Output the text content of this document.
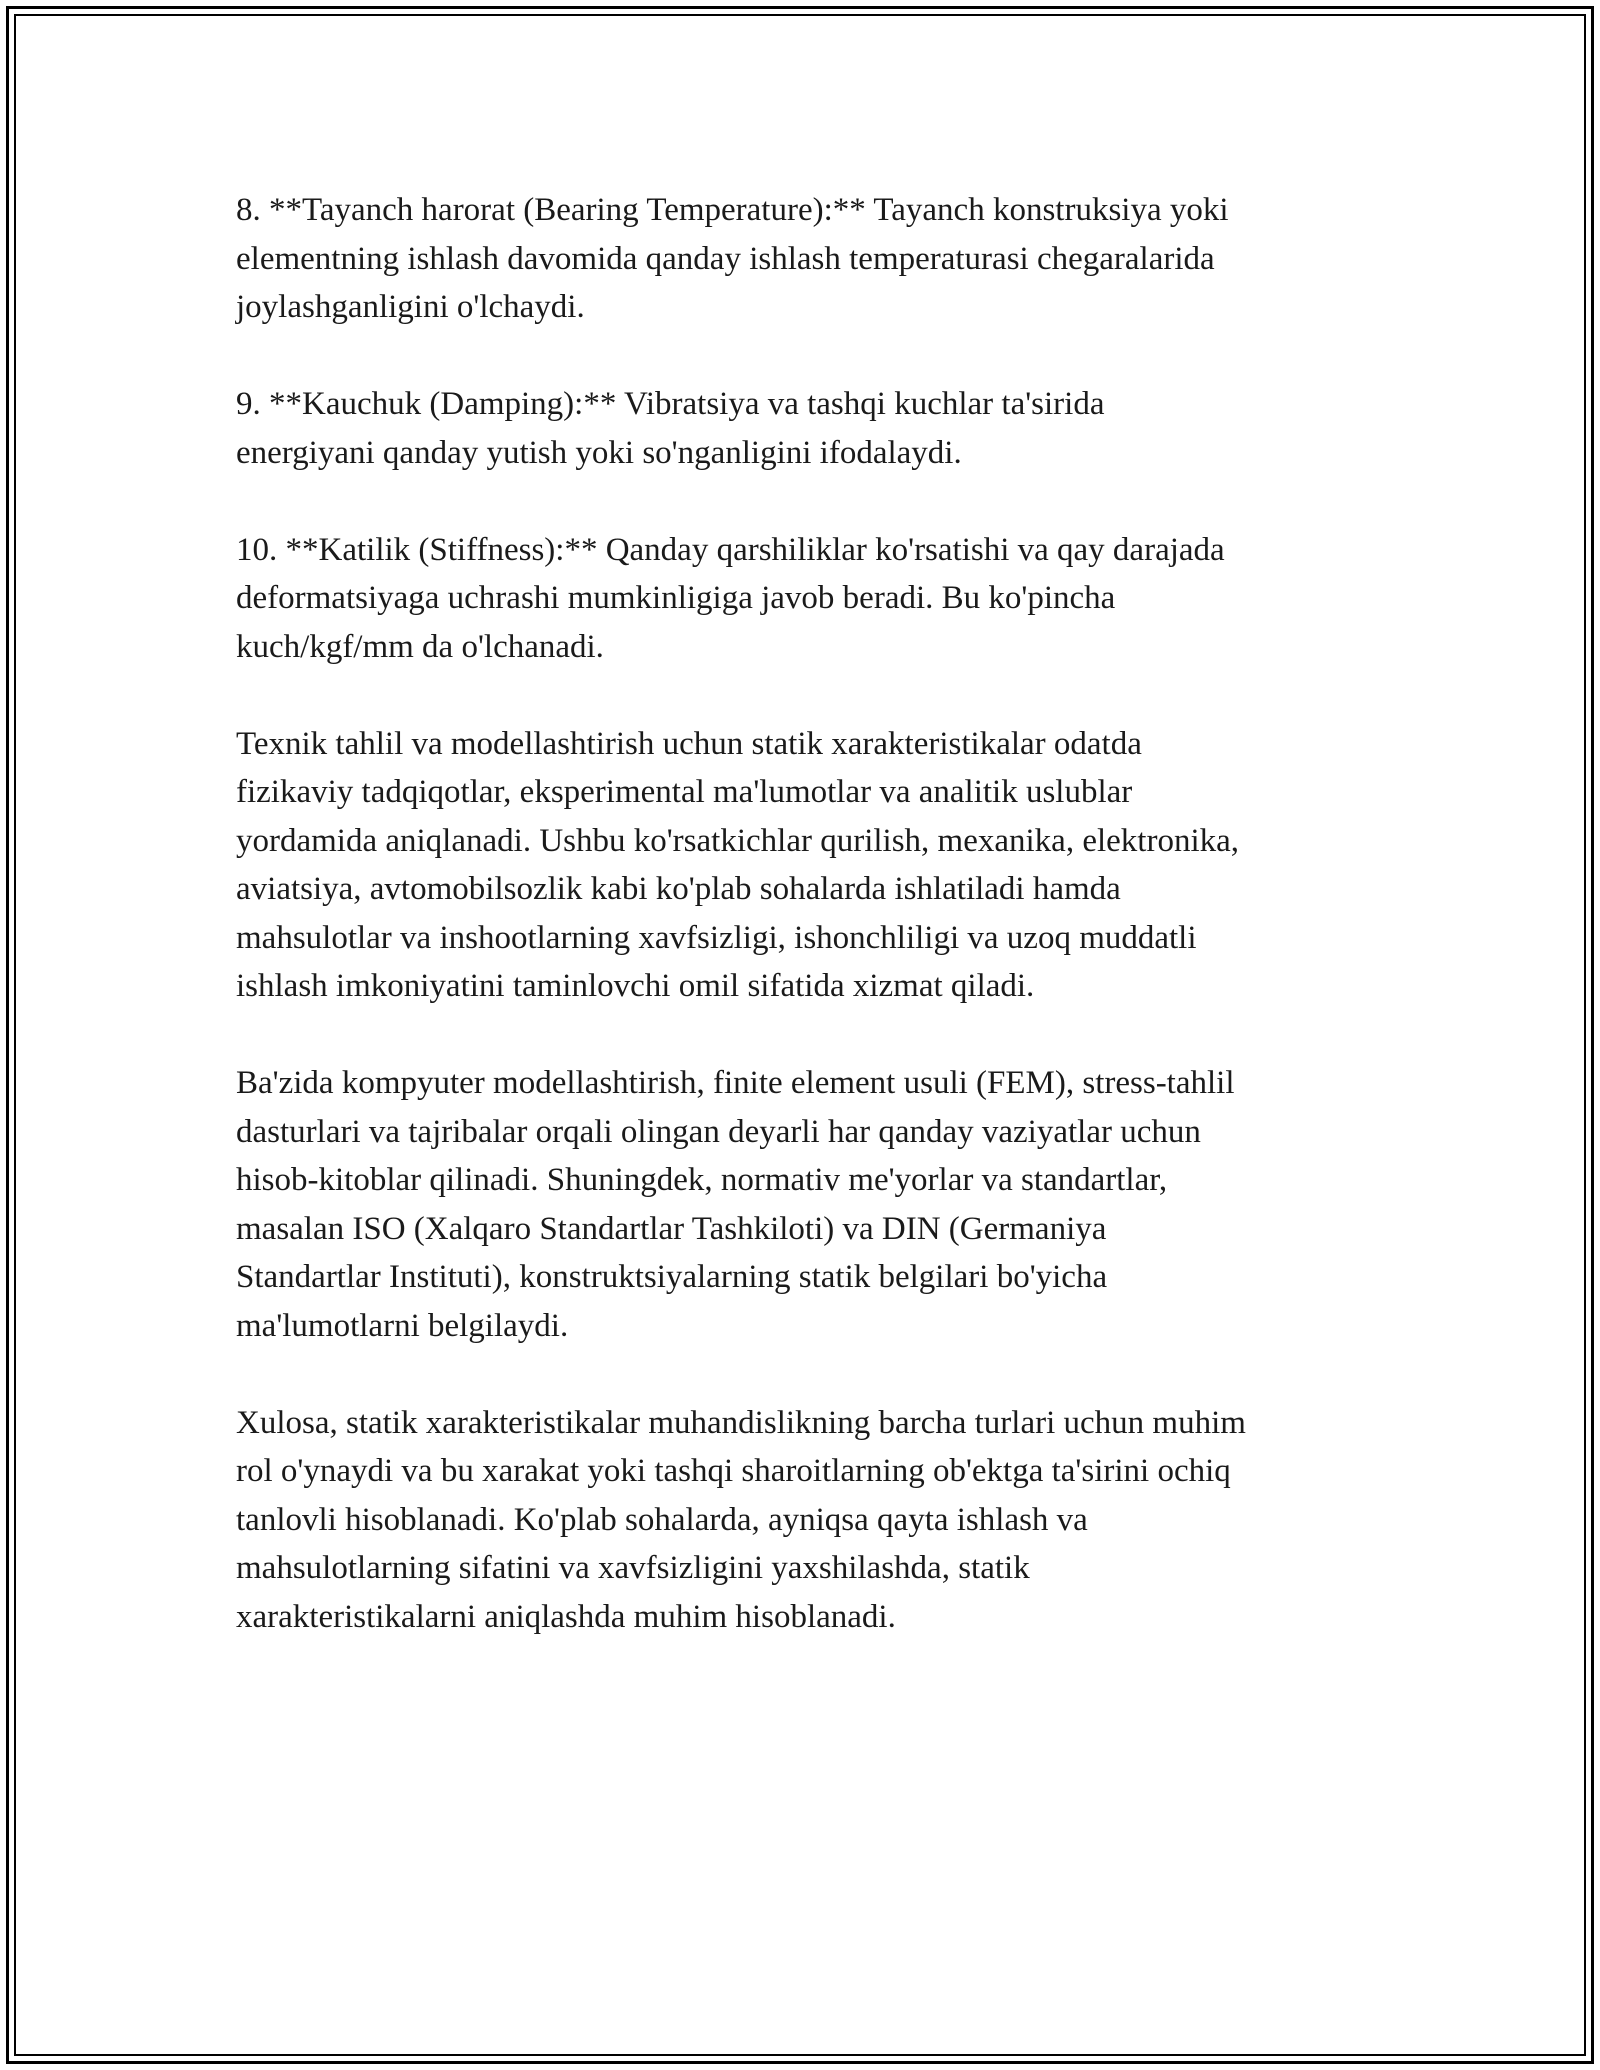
8. **Tayanch harorat (Bearing Temperature):** Tayanch konstruksiya yoki
elementning ishlash davomida qanday ishlash temperaturasi chegaralarida
joylashganligini o'lchaydi.

9. **Kauchuk (Damping):** Vibratsiya va tashqi kuchlar ta'sirida
energiyani qanday yutish yoki so'nganligini ifodalaydi.

10. **Katilik (Stiffness):** Qanday qarshiliklar ko'rsatishi va qay darajada
deformatsiyaga uchrashi mumkinligiga javob beradi. Bu ko'pincha
kuch/kgf/mm da o'lchanadi.

Texnik tahlil va modellashtirish uchun statik xarakteristikalar odatda
fizikaviy tadqiqotlar, eksperimental ma'lumotlar va analitik uslublar
yordamida aniqlanadi. Ushbu ko'rsatkichlar qurilish, mexanika, elektronika,
aviatsiya, avtomobilsozlik kabi ko'plab sohalarda ishlatiladi hamda
mahsulotlar va inshootlarning xavfsizligi, ishonchliligi va uzoq muddatli
ishlash imkoniyatini taminlovchi omil sifatida xizmat qiladi.

Ba'zida kompyuter modellashtirish, finite element usuli (FEM), stress-tahlil
dasturlari va tajribalar orqali olingan deyarli har qanday vaziyatlar uchun
hisob-kitoblar qilinadi. Shuningdek, normativ me'yorlar va standartlar,
masalan ISO (Xalqaro Standartlar Tashkiloti) va DIN (Germaniya
Standartlar Instituti), konstruktsiyalarning statik belgilari bo'yicha
ma'lumotlarni belgilaydi.

Xulosa, statik xarakteristikalar muhandislikning barcha turlari uchun muhim
rol o'ynaydi va bu xarakat yoki tashqi sharoitlarning ob'ektga ta'sirini ochiq
tanlovli hisoblanadi. Ko'plab sohalarda, ayniqsa qayta ishlash va
mahsulotlarning sifatini va xavfsizligini yaxshilashda, statik
xarakteristikalarni aniqlashda muhim hisoblanadi.
